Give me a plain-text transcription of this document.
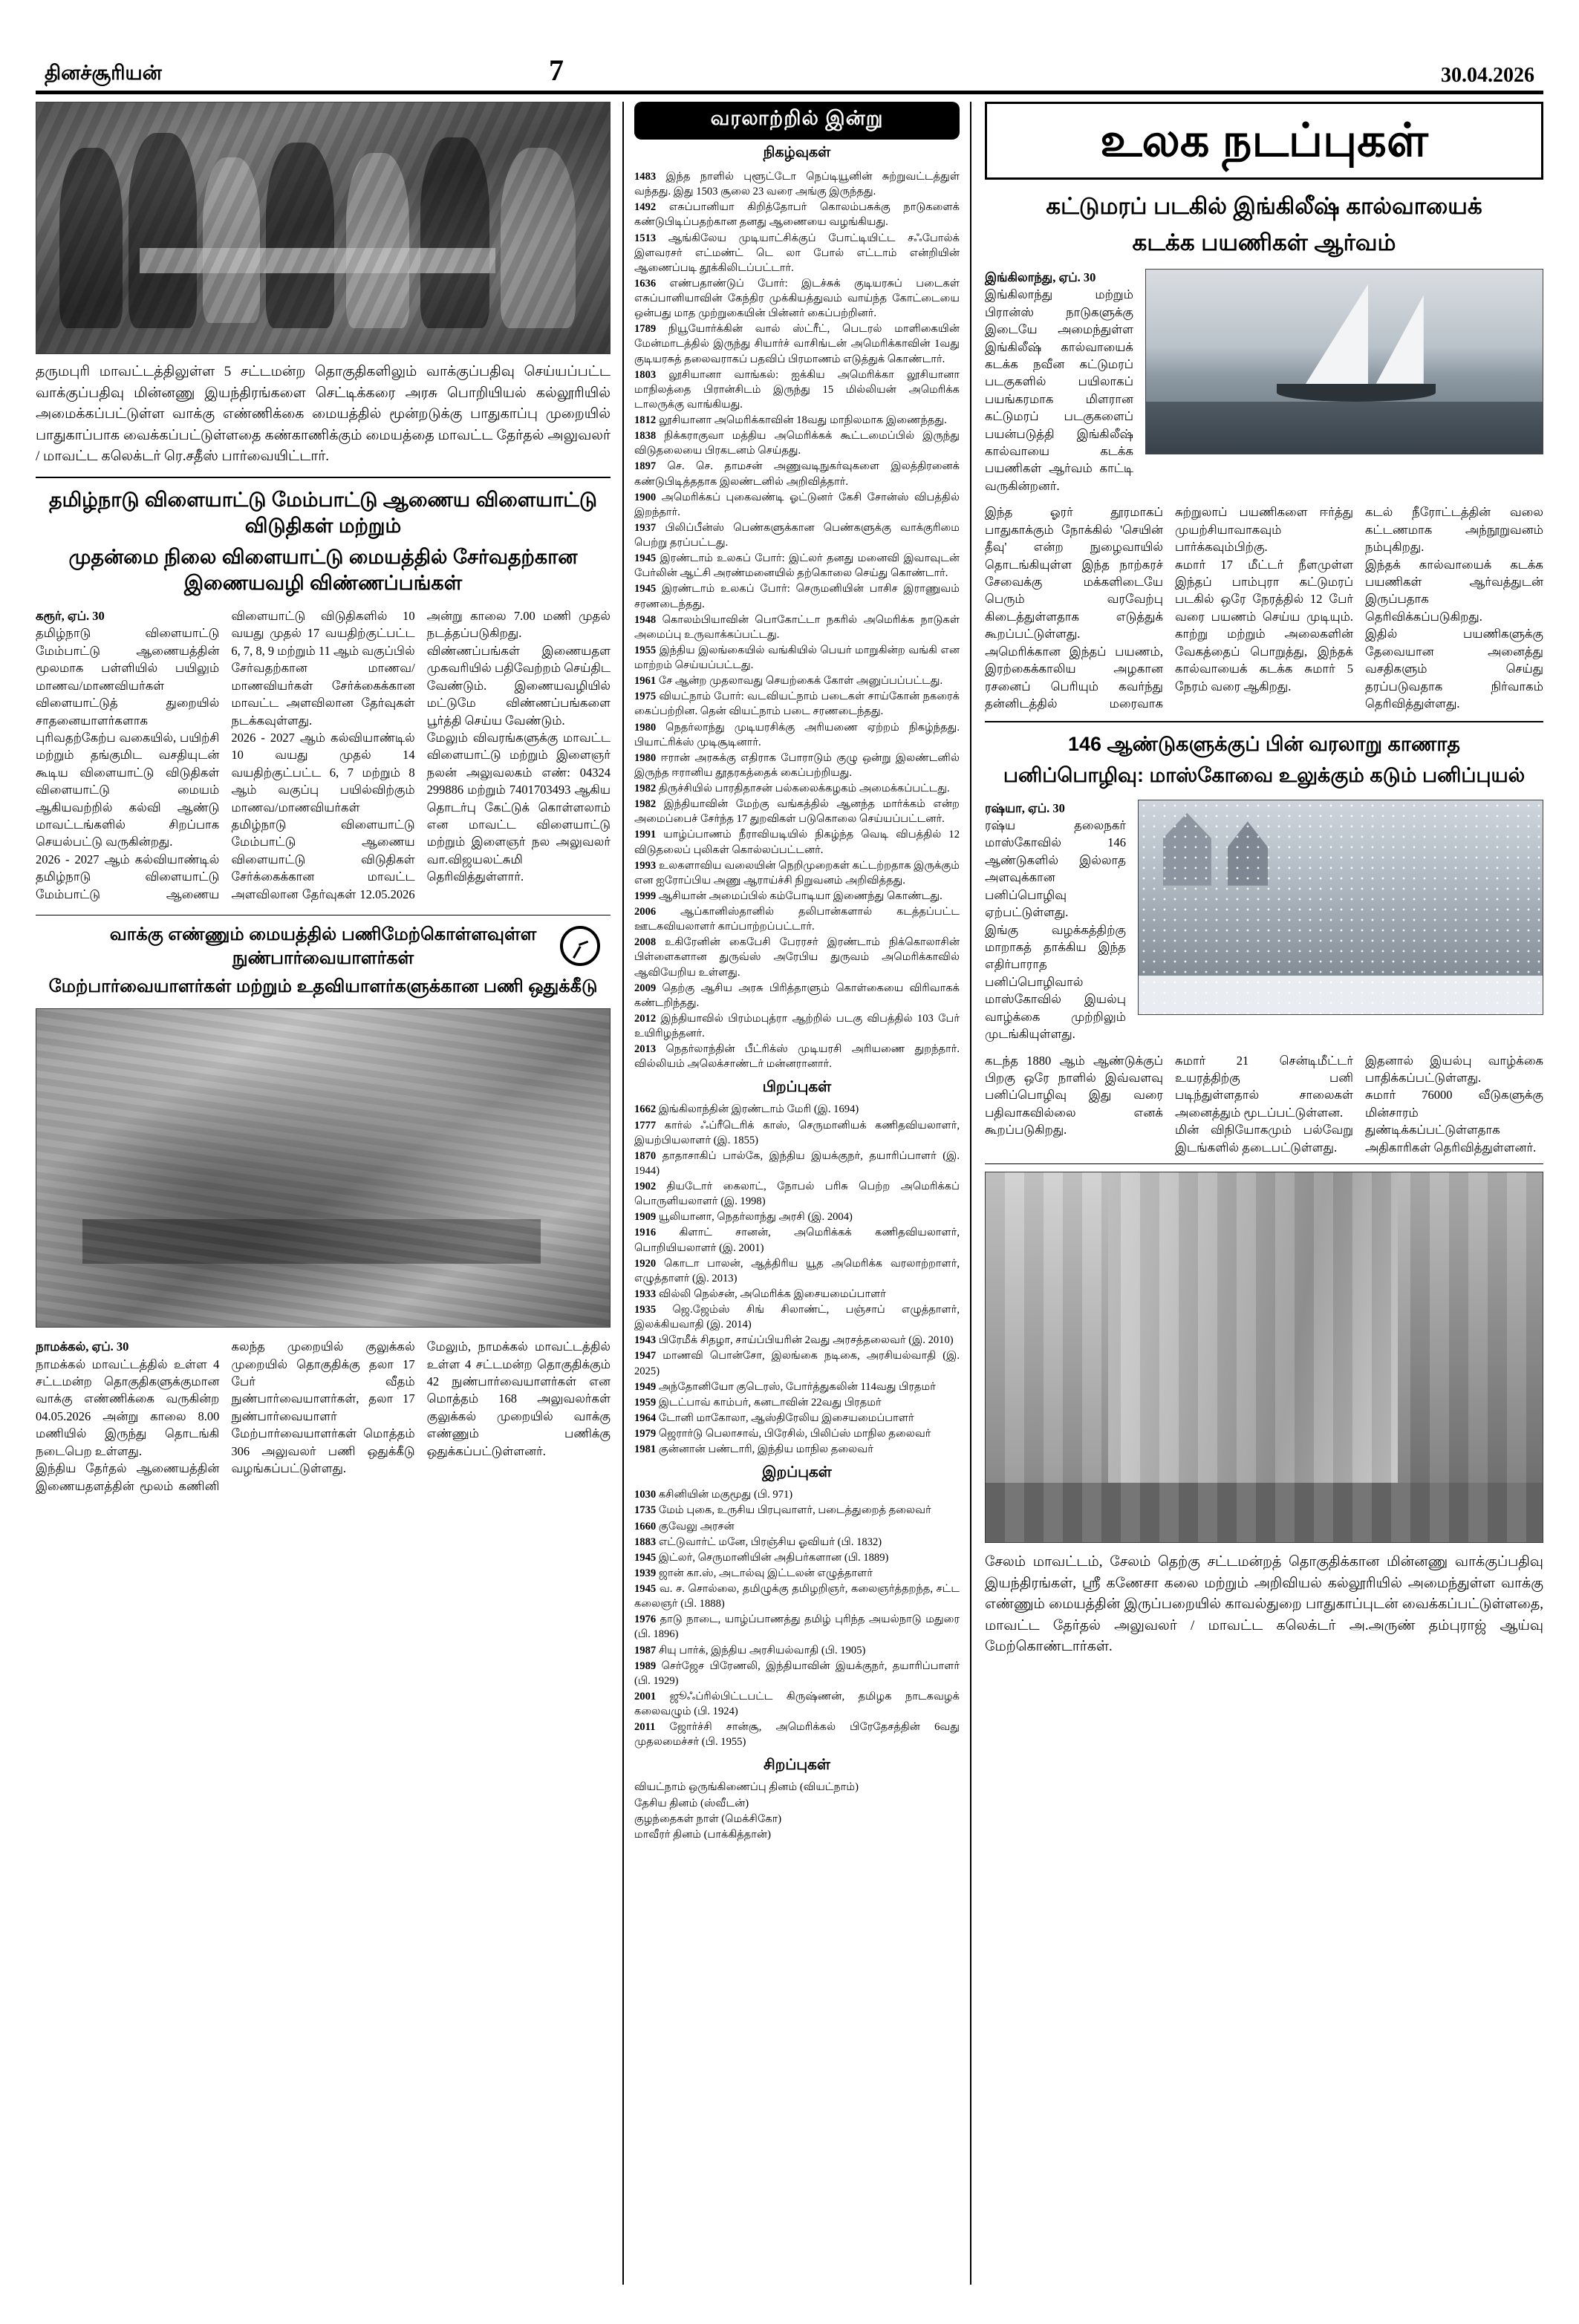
தினச்சூரியன்	7	30.04.2026
தருமபுரி மாவட்டத்திலுள்ள 5 சட்டமன்ற தொகுதிகளிலும் வாக்குப்பதிவு செய்யப்பட்ட வாக்குப்பதிவு மின்னணு இயந்திரங்களை செட்டிக்கரை அரசு பொறியியல் கல்லூரியில் அமைக்கப்பட்டுள்ள வாக்கு எண்ணிக்கை மையத்தில் மூன்றடுக்கு பாதுகாப்பு முறையில் பாதுகாப்பாக வைக்கப்பட்டுள்ளதை கண்காணிக்கும் மையத்தை மாவட்ட தேர்தல் அலுவலர் / மாவட்ட கலெக்டர் ரெ.சதீஸ் பார்வையிட்டார்.
தமிழ்நாடு விளையாட்டு மேம்பாட்டு ஆணைய விளையாட்டு விடுதிகள் மற்றும்
முதன்மை நிலை விளையாட்டு மையத்தில் சேர்வதற்கான இணையவழி விண்ணப்பங்கள்

கரூர், ஏப். 30

தமிழ்நாடு விளையாட்டு மேம்பாட்டு ஆணையத்தின் மூலமாக பள்ளியில் பயிலும் மாணவ/மாணவியர்கள் விளையாட்டுத் துறையில் சாதனையாளர்களாக புரிவதற்கேற்ப வகையில், பயிற்சி மற்றும் தங்குமிட வசதியுடன் கூடிய விளையாட்டு விடுதிகள் விளையாட்டு மையம் ஆகியவற்றில் கல்வி ஆண்டு மாவட்டங்களில் சிறப்பாக செயல்பட்டு வருகின்றது.

2026 - 2027 ஆம் கல்வியாண்டில் தமிழ்நாடு விளையாட்டு மேம்பாட்டு ஆணைய விளையாட்டு விடுதிகளில் 10 வயது முதல் 17 வயதிற்குட்பட்ட 6, 7, 8, 9 மற்றும் 11 ஆம் வகுப்பில் சேர்வதற்கான மாணவ/மாணவியர்கள் சேர்க்கைக்கான மாவட்ட அளவிலான தேர்வுகள் நடக்கவுள்ளது.

2026 - 2027 ஆம் கல்வியாண்டில் 10 வயது முதல் 14 வயதிற்குட்பட்ட 6, 7 மற்றும் 8 ஆம் வகுப்பு பயில்விற்கும் மாணவ/மாணவியர்கள் தமிழ்நாடு விளையாட்டு மேம்பாட்டு ஆணைய விளையாட்டு விடுதிகள் சேர்க்கைக்கான மாவட்ட அளவிலான தேர்வுகள் 12.05.2026 அன்று காலை 7.00 மணி முதல் நடத்தப்படுகிறது.

விண்ணப்பங்கள் இணையதள முகவரியில் பதிவேற்றம் செய்திட வேண்டும். இணையவழியில் மட்டுமே விண்ணப்பங்களை பூர்த்தி செய்ய வேண்டும்.

மேலும் விவரங்களுக்கு மாவட்ட விளையாட்டு மற்றும் இளைஞர் நலன் அலுவலகம் எண்: 04324 299886 மற்றும் 7401703493 ஆகிய தொடர்பு கேட்டுக் கொள்ளலாம் என மாவட்ட விளையாட்டு மற்றும் இளைஞர் நல அலுவலர் வா.விஜயலட்சுமி தெரிவித்துள்ளார்.

வாக்கு எண்ணும் மையத்தில் பணிமேற்கொள்ளவுள்ள நுண்பார்வையாளர்கள்
மேற்பார்வையாளர்கள் மற்றும் உதவியாளர்களுக்கான பணி ஒதுக்கீடு

நாமக்கல், ஏப். 30

நாமக்கல் மாவட்டத்தில் உள்ள 4 சட்டமன்ற தொகுதிகளுக்குமான வாக்கு எண்ணிக்கை வருகின்ற 04.05.2026 அன்று காலை 8.00 மணியில் இருந்து தொடங்கி நடைபெற உள்ளது.

இந்திய தேர்தல் ஆணையத்தின் இணையதளத்தின் மூலம் கணினி கலந்த முறையில் குலுக்கல் முறையில் தொகுதிக்கு தலா 17 பேர் வீதம் நுண்பார்வையாளர்கள், தலா 17 நுண்பார்வையாளர் மேற்பார்வையாளர்கள் மொத்தம் 306 அலுவலர் பணி ஒதுக்கீடு வழங்கப்பட்டுள்ளது.

மேலும், நாமக்கல் மாவட்டத்தில் உள்ள 4 சட்டமன்ற தொகுதிக்கும் 42 நுண்பார்வையாளர்கள் என மொத்தம் 168 அலுவலர்கள் குலுக்கல் முறையில் வாக்கு எண்ணும் பணிக்கு ஒதுக்கப்பட்டுள்ளனர்.

வரலாற்றில் இன்று
நிகழ்வுகள்
1483 இந்த நாளில் புளூட்டோ நெப்டியூனின் சுற்றுவட்டத்துள் வந்தது. இது 1503 சூலை 23 வரை அங்கு இருந்தது.
1492 எசுப்பானியா கிறித்தோபர் கொலம்பசுக்கு நாடுகளைக் கண்டுபிடிப்பதற்கான தனது ஆணையை வழங்கியது.
1513 ஆங்கிலேய முடியாட்சிக்குப் போட்டியிட்ட சஃபோல்க் இளவரசர் எட்மண்ட் டெ லா போல் எட்டாம் என்றியின் ஆணைப்படி தூக்கிலிடப்பட்டார்.
1636 எண்பதாண்டுப் போர்: இடச்சுக் குடியரசுப் படைகள் எசுப்பானியாவின் கேந்திர முக்கியத்துவம் வாய்ந்த கோட்டையை ஒன்பது மாத முற்றுகையின் பின்னர் கைப்பற்றினர்.
1789 நியூயோர்க்கின் வால் ஸ்ட்ரீட், பெடரல் மாளிகையின் மேன்மாடத்தில் இருந்து சியார்ச் வாசிங்டன் அமெரிக்காவின் 1வது குடியரசுத் தலைவராகப் பதவிப் பிரமாணம் எடுத்துக் கொண்டார்.
1803 லூசியானா வாங்கல்: ஐக்கிய அமெரிக்கா லூசியானா மாநிலத்தை பிரான்சிடம் இருந்து 15 மில்லியன் அமெரிக்க டாலருக்கு வாங்கியது.
1812 லூசியானா அமெரிக்காவின் 18வது மாநிலமாக இணைந்தது.
1838 நிக்கராகுவா மத்திய அமெரிக்கக் கூட்டமைப்பில் இருந்து விடுதலையை பிரகடனம் செய்தது.
1897 செ. செ. தாமசன் அணுவடிநுகர்வுகளை இலத்திரனைக் கண்டுபிடித்ததாக இலண்டனில் அறிவித்தார்.
1900 அமெரிக்கப் புகைவண்டி ஓட்டுனர் கேசி சோன்ஸ் விபத்தில் இறந்தார்.
1937 பிலிப்பீன்ஸ் பெண்களுக்கான பெண்களுக்கு வாக்குரிமை பெற்று தரப்பட்டது.
1945 இரண்டாம் உலகப் போர்: இட்லர் தனது மனைவி இவாவுடன் பேர்லின் ஆட்சி அரண்மனையில் தற்கொலை செய்து கொண்டார்.
1945 இரண்டாம் உலகப் போர்: செருமனியின் பாசிச இராணுவம் சரணடைந்தது.
1948 கொலம்பியாவின் பொகோட்டா நகரில் அமெரிக்க நாடுகள் அமைப்பு உருவாக்கப்பட்டது.
1955 இந்திய இலங்கையில் வங்கியில் பெயர் மாறுகின்ற வங்கி என மாற்றம் செய்யப்பட்டது.
1961 சே ஆன்ற முதலாவது செயற்கைக் கோள் அனுப்பப்பட்டது.
1975 வியட்நாம் போர்: வடவியட்நாம் படைகள் சாய்கோன் நகரைக் கைப்பற்றின. தென் வியட்நாம் படை சரணடைந்தது.
1980 நெதர்லாந்து முடியரசிக்கு அரியணை ஏற்றம் நிகழ்ந்தது. பியாட்ரிக்ஸ் முடிசூடினார்.
1980 ஈரான் அரசுக்கு எதிராக போராடும் குழு ஒன்று இலண்டனில் இருந்த ஈரானிய தூதரகத்தைக் கைப்பற்றியது.
1982 திருச்சியில் பாரதிதாசன் பல்கலைக்கழகம் அமைக்கப்பட்டது.
1982 இந்தியாவின் மேற்கு வங்கத்தில் ஆனந்த மார்க்கம் என்ற அமைப்பைச் சேர்ந்த 17 துறவிகள் படுகொலை செய்யப்பட்டனர்.
1991 யாழ்ப்பாணம் நீராவியடியில் நிகழ்ந்த வெடி விபத்தில் 12 விடுதலைப் புலிகள் கொல்லப்பட்டனர்.
1993 உலகளாவிய வலையின் நெறிமுறைகள் கட்டற்றதாக இருக்கும் என ஐரோப்பிய அணு ஆராய்ச்சி நிறுவனம் அறிவித்தது.
1999 ஆசியான் அமைப்பில் கம்போடியா இணைந்து கொண்டது.
2006 ஆப்கானிஸ்தானில் தலிபான்களால் கடத்தப்பட்ட ஊடகவியலாளர் காப்பாற்றப்பட்டார்.
2008 உகிரேனின் கைபேசி பேரரசர் இரண்டாம் நிக்கொலாசின் பிள்ளைகளான துருவ்ஸ் அரேபிய துருவம் அமெரிக்காவில் ஆவியேறிய உள்ளது.
2009 தெற்கு ஆசிய அரசு பிரித்தாளும் கொள்கையை விரிவாகக் கண்டறிந்தது.
2012 இந்தியாவில் பிரம்மபுத்ரா ஆற்றில் படகு விபத்தில் 103 பேர் உயிரிழந்தனர்.
2013 நெதர்லாந்தின் பீட்ரிக்ஸ் முடியரசி அரியணை துறந்தார். வில்லியம் அலெக்சாண்டர் மன்னரானார்.
பிறப்புகள்
1662 இங்கிலாந்தின் இரண்டாம் மேரி (இ. 1694)
1777 கார்ல் ஃப்ரீடெரிக் காஸ், செருமானியக் கணிதவியலாளர், இயற்பியலாளர் (இ. 1855)
1870 தாதாசாகிப் பால்கே, இந்திய இயக்குநர், தயாரிப்பாளர் (இ. 1944)
1902 தியடோர் கைலாட், நோபல் பரிசு பெற்ற அமெரிக்கப் பொருளியலாளர் (இ. 1998)
1909 யூலியானா, நெதர்லாந்து அரசி (இ. 2004)
1916 கிளாட் சானன், அமெரிக்கக் கணிதவியலாளர், பொறியியலாளர் (இ. 2001)
1920 கொடா பாலன், ஆத்திரிய யூத அமெரிக்க வரலாற்றாளர், எழுத்தாளர் (இ. 2013)
1933 வில்லி நெல்சன், அமெரிக்க இசையமைப்பாளர்
1935 ஜெ.ஜேம்ஸ் சிங் சிலாண்ட், பஞ்சாப் எழுத்தாளர், இலக்கியவாதி (இ. 2014)
1943 பிரேமீக் சிதழா, சாய்ப்பியரின் 2வது அரசத்தலைவர் (இ. 2010)
1947 மாணவி பொன்சோ, இலங்கை நடிகை, அரசியல்வாதி (இ. 2025)
1949 அந்தோனியோ குடெரஸ், போர்த்துகலின் 114வது பிரதமர்
1959 இடட்பாவ் காம்பர், கனடாவின் 22வது பிரதமர்
1964 டோனி மாகோலா, ஆஸ்திரேலிய இசையமைப்பாளர்
1979 ஜெரார்டு பெலாசாவ், பிரேசில், பிலிப்ஸ் மாநில தலைவர்
1981 குன்னான் பண்டாரி, இந்திய மாநில தலைவர்
இறப்புகள்
1030 கசினியின் மகுமூது (பி. 971)
1735 மேம் புகை, உருசிய பிரபுவாளர், படைத்துறைத் தலைவர்
1660 குவேலு அரசன்
1883 எட்டுவார்ட் மனே, பிரஞ்சிய ஓவியர் (பி. 1832)
1945 இட்லர், செருமானியின் அதிபர்களான (பி. 1889)
1939 ஜான் கா.ஸ், அடால்வு இட்டலன் எழுத்தாளர்
1945 வ. ச. சொல்லை, தமிழுக்கு தமிழறிஞர், கலைஞர்த்தறந்த, சட்ட கலைஞர் (பி. 1888)
1976 தாடு நாடை, யாழ்ப்பாணத்து தமிழ் புரிந்த அயல்நாடு மதுரை (பி. 1896)
1987 சியு பார்க், இந்திய அரசியல்வாதி (பி. 1905)
1989 செர்ஜேச பிரேணலி, இந்தியாவின் இயக்குநர், தயாரிப்பாளர் (பி. 1929)
2001 ஜூஃப்ரில்பிட்டபட்ட கிருஷ்ணன், தமிழக நாடகவழக் கலைவழும் (பி. 1924)
2011 ஜோர்ச்சி சான்சூ, அமெரிக்கல் பிரேதேசத்தின் 6வது முதலமைச்சர் (பி. 1955)
சிறப்புகள்
வியட்நாம் ஒருங்கிணைப்பு தினம் (வியட்நாம்)
தேசிய தினம் (ஸ்வீடன்)
குழந்தைகள் நாள் (மெக்சிகோ)
மாவீரர் தினம் (பாக்கித்தான்)
உலக நடப்புகள்
கட்டுமரப் படகில் இங்கிலீஷ் கால்வாயைக்
கடக்க பயணிகள் ஆர்வம்

இங்கிலாந்து, ஏப். 30

இங்கிலாந்து மற்றும் பிரான்ஸ் நாடுகளுக்கு இடையே அமைந்துள்ள இங்கிலீஷ் கால்வாயைக் கடக்க நவீன கட்டுமரப் படகுகளில் பயிலாகப் பயங்கரமாக மிளரான கட்டுமரப் படகுகளைப் பயன்படுத்தி இங்கிலீஷ் கால்வாயை கடக்க பயணிகள் ஆர்வம் காட்டி வருகின்றனர்.

இந்த ஓரர் தூரமாகப் பாதுகாக்கும் நோக்கில் 'செயின் தீவு' என்ற நுழைவாயில் தொடங்கியுள்ள இந்த நாற்கரச் சேவைக்கு மக்களிடையே பெரும் வரவேற்பு கிடைத்துள்ளதாக எடுத்துக் கூறப்பட்டுள்ளது.

அமெரிக்கான இந்தப் பயணம், இரற்கைக்காலிய அழகான ரசனைப் பெரியும் கவர்ந்து தன்னிடத்தில் மரைவாக சுற்றுலாப் பயணிகளை ஈர்த்து முயற்சியாவாகவும் பார்க்கவும்பிற்கு.

சுமார் 17 மீட்டர் நீளமுள்ள இந்தப் பாம்புரா கட்டுமரப் படகில் ஒரே நேரத்தில் 12 பேர் வரை பயணம் செய்ய முடியும். காற்று மற்றும் அலைகளின் வேகத்தைப் பொறுத்து, இந்தக் கால்வாயைக் கடக்க சுமார் 5 நேரம் வரை ஆகிறது.

கடல் நீரோட்டத்தின் வலை கட்டணமாக அந்நூறுவனம் நம்புகிறது.

இந்தக் கால்வாயைக் கடக்க பயணிகள் ஆர்வத்துடன் இருப்பதாக தெரிவிக்கப்படுகிறது.

இதில் பயணிகளுக்கு தேவையான அனைத்து வசதிகளும் செய்து தரப்படுவதாக நிர்வாகம் தெரிவித்துள்ளது.

146 ஆண்டுகளுக்குப் பின் வரலாறு காணாத
பனிப்பொழிவு: மாஸ்கோவை உலுக்கும் கடும் பனிப்புயல்

ரஷ்யா, ஏப். 30

ரஷ்ய தலைநகர் மாஸ்கோவில் 146 ஆண்டுகளில் இல்லாத அளவுக்கான பனிப்பொழிவு ஏற்பட்டுள்ளது.

இங்கு வழக்கத்திற்கு மாறாகத் தாக்கிய இந்த எதிர்பாராத பனிப்பொழிவால் மாஸ்கோவில் இயல்பு வாழ்க்கை முற்றிலும் முடங்கியுள்ளது.

கடந்த 1880 ஆம் ஆண்டுக்குப் பிறகு ஒரே நாளில் இவ்வளவு பனிப்பொழிவு இது வரை பதிவாகவில்லை எனக் கூறப்படுகிறது.

சுமார் 21 சென்டிமீட்டர் உயரத்திற்கு பனி படிந்துள்ளதால் சாலைகள் அனைத்தும் மூடப்பட்டுள்ளன.

மின் விநியோகமும் பல்வேறு இடங்களில் தடைபட்டுள்ளது.

இதனால் இயல்பு வாழ்க்கை பாதிக்கப்பட்டுள்ளது.

சுமார் 76000 வீடுகளுக்கு மின்சாரம் துண்டிக்கப்பட்டுள்ளதாக அதிகாரிகள் தெரிவித்துள்ளனர்.

சேலம் மாவட்டம், சேலம் தெற்கு சட்டமன்றத் தொகுதிக்கான மின்னணு வாக்குப்பதிவு இயந்திரங்கள், ஸ்ரீ கணேசா கலை மற்றும் அறிவியல் கல்லூரியில் அமைந்துள்ள வாக்கு எண்ணும் மையத்தின் இருப்பறையில் காவல்துறை பாதுகாப்புடன் வைக்கப்பட்டுள்ளதை, மாவட்ட தேர்தல் அலுவலர் / மாவட்ட கலெக்டர் அ.அருண் தம்புராஜ் ஆய்வு மேற்கொண்டார்கள்.
